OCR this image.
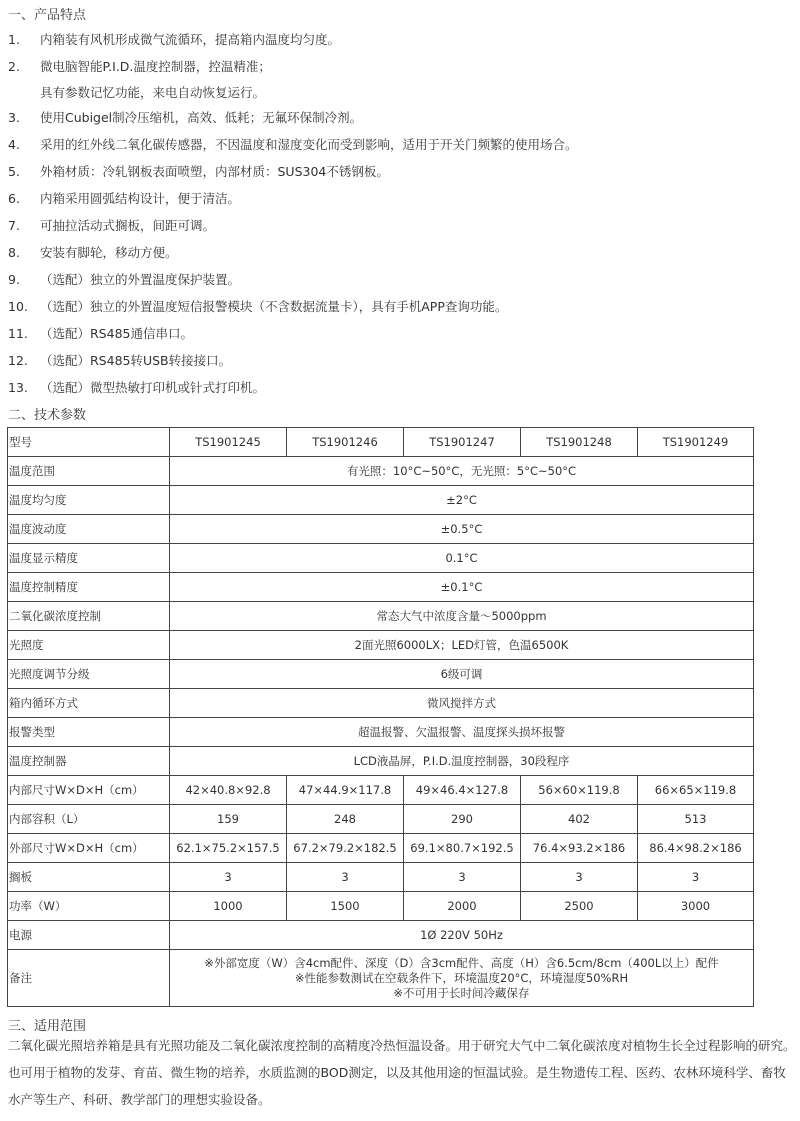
一、产品特点
1.	内箱装有风机形成微气流循环，提高箱内温度均匀度。
2.	微电脑智能P.I.D.温度控制器，控温精准；
具有参数记忆功能，来电自动恢复运行。
3.	使用Cubigel制冷压缩机，高效、低耗；无氟环保制冷剂。
4.	采用的红外线二氧化碳传感器，不因温度和湿度变化而受到影响，适用于开关门频繁的使用场合。
5.	外箱材质：冷轧钢板表面喷塑，内部材质：SUS304不锈钢板。
6.	内箱采用圆弧结构设计，便于清洁。
7.	可抽拉活动式搁板，间距可调。
8.	安装有脚轮，移动方便。
9.	（选配）独立的外置温度保护装置。
10. （选配）独立的外置温度短信报警模块（不含数据流量卡），具有手机APP查询功能。
11. （选配）RS485通信串口。
12. （选配）RS485转USB转接接口。
13. （选配）微型热敏打印机或针式打印机。
二、技术参数
型号	TS1901245	TS1901246	TS1901247	TS1901248	TS1901249
温度范围	有光照：10°C~50°C，无光照：5°C~50°C				
温度均匀度	±2°C				
温度波动度	±0.5°C				
温度显示精度	0.1°C				
温度控制精度	±0.1°C				
二氧化碳浓度控制	常态大气中浓度含量～5000ppm				
光照度	2面光照6000LX；LED灯管，色温6500K				
光照度调节分级	6级可调				
箱内循环方式	微风搅拌方式				
报警类型	超温报警、欠温报警、温度探头损坏报警				
温度控制器	LCD液晶屏，P.I.D.温度控制器，30段程序				
内部尺寸W×D×H（cm）	42×40.8×92.8	47×44.9×117.8	49×46.4×127.8	56×60×119.8	66×65×119.8
内部容积（L）	159	248	290	402	513
外部尺寸W×D×H（cm）	62.1×75.2×157.5	67.2×79.2×182.5	69.1×80.7×192.5	76.4×93.2×186	86.4×98.2×186
搁板	3	3	3	3	3
功率（W）	1000	1500	2000	2500	3000
电源	1Ø 220V 50Hz				
备注	※外部宽度（W）含4cm配件、深度（D）含3cm配件、高度（H）含6.5cm/8cm（400L以上）配件
※性能参数测试在空载条件下，环境温度20°C，环境湿度50%RH
※不可用于长时间冷藏保存				
三、适用范围
二氧化碳光照培养箱是具有光照功能及二氧化碳浓度控制的高精度冷热恒温设备。用于研究大气中二氧化碳浓度对植物生长全过程影响的研究。也可用于植物的发芽、育苗、微生物的培养，水质监测的BOD测定，以及其他用途的恒温试验。是生物遗传工程、医药、农林环境科学、畜牧水产等生产、科研、教学部门的理想实验设备。
